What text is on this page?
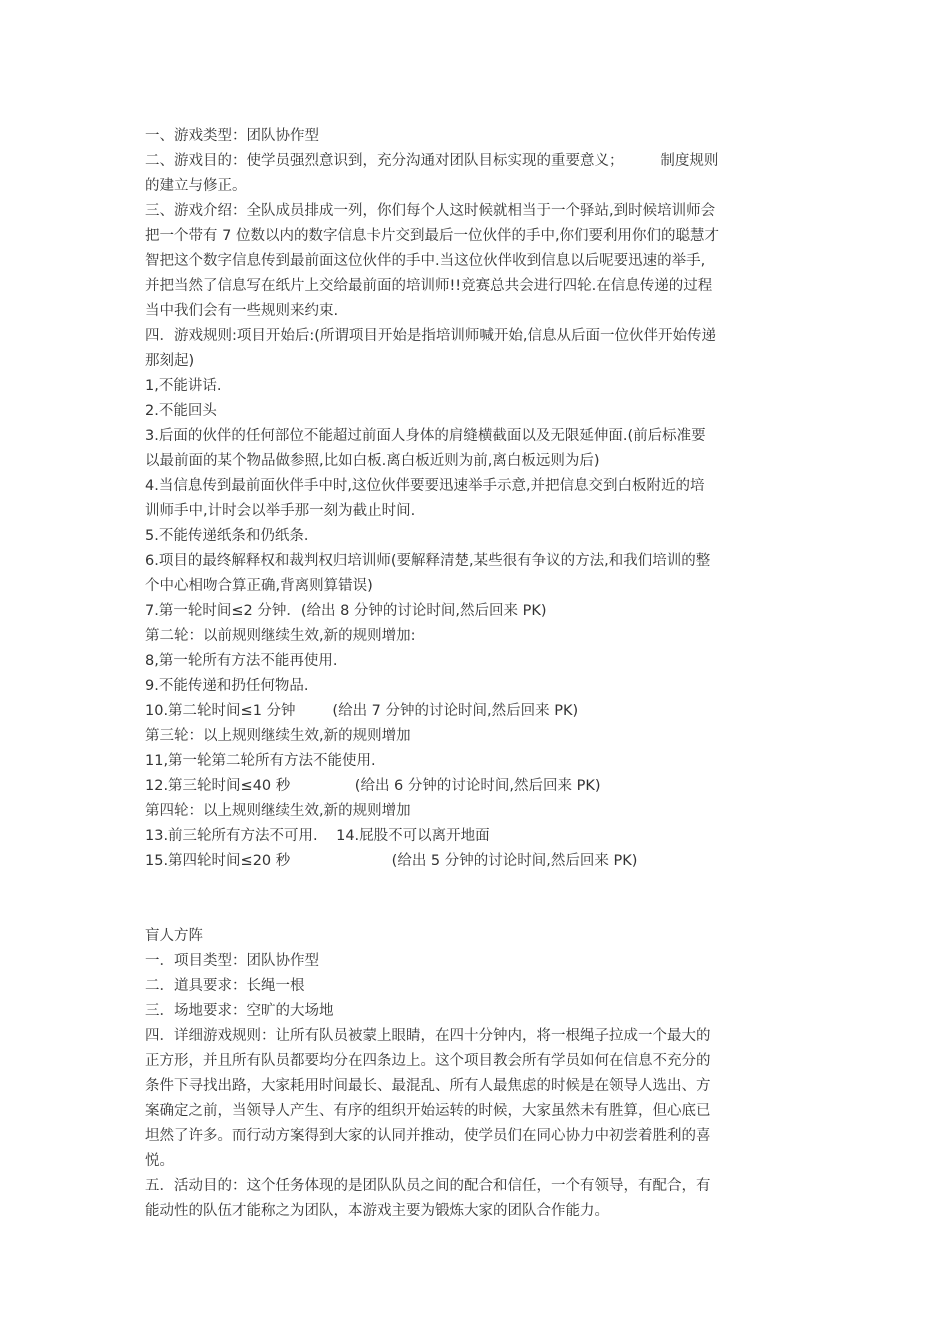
一、游戏类型：团队协作型

二、游戏目的：使学员强烈意识到，充分沟通对团队目标实现的重要意义；        制度规则

的建立与修正。

三、游戏介绍：全队成员排成一列，你们每个人这时候就相当于一个驿站,到时候培训师会

把一个带有 7 位数以内的数字信息卡片交到最后一位伙伴的手中,你们要利用你们的聪慧才

智把这个数字信息传到最前面这位伙伴的手中.当这位伙伴收到信息以后呢要迅速的举手,

并把当然了信息写在纸片上交给最前面的培训师!!竞赛总共会进行四轮.在信息传递的过程

当中我们会有一些规则来约束.

四．游戏规则:项目开始后:(所谓项目开始是指培训师喊开始,信息从后面一位伙伴开始传递

那刻起)

1,不能讲话.

2.不能回头

3.后面的伙伴的任何部位不能超过前面人身体的肩缝横截面以及无限延伸面.(前后标准要

以最前面的某个物品做参照,比如白板.离白板近则为前,离白板远则为后)

4.当信息传到最前面伙伴手中时,这位伙伴要要迅速举手示意,并把信息交到白板附近的培

训师手中,计时会以举手那一刻为截止时间.

5.不能传递纸条和仍纸条．

6.项目的最终解释权和裁判权归培训师(要解释清楚,某些很有争议的方法,和我们培训的整

个中心相吻合算正确,背离则算错误)

7.第一轮时间≤2 分钟．(给出 8 分钟的讨论时间,然后回来 PK)

第二轮：以前规则继续生效,新的规则增加:

8,第一轮所有方法不能再使用.

9.不能传递和扔任何物品.

10.第二轮时间≤1 分钟        (给出 7 分钟的讨论时间,然后回来 PK)

第三轮：以上规则继续生效,新的规则增加

11,第一轮第二轮所有方法不能使用.

12.第三轮时间≤40 秒              (给出 6 分钟的讨论时间,然后回来 PK)

第四轮：以上规则继续生效,新的规则增加

13.前三轮所有方法不可用.    14.屁股不可以离开地面

15.第四轮时间≤20 秒                      (给出 5 分钟的讨论时间,然后回来 PK)

盲人方阵

一．项目类型：团队协作型

二．道具要求：长绳一根

三．场地要求：空旷的大场地

四．详细游戏规则：让所有队员被蒙上眼睛，在四十分钟内，将一根绳子拉成一个最大的

正方形，并且所有队员都要均分在四条边上。这个项目教会所有学员如何在信息不充分的

条件下寻找出路，大家耗用时间最长、最混乱、所有人最焦虑的时候是在领导人选出、方

案确定之前，当领导人产生、有序的组织开始运转的时候，大家虽然未有胜算，但心底已

坦然了许多。而行动方案得到大家的认同并推动，使学员们在同心协力中初尝着胜利的喜

悦。

五．活动目的：这个任务体现的是团队队员之间的配合和信任，一个有领导，有配合，有

能动性的队伍才能称之为团队，本游戏主要为锻炼大家的团队合作能力。
